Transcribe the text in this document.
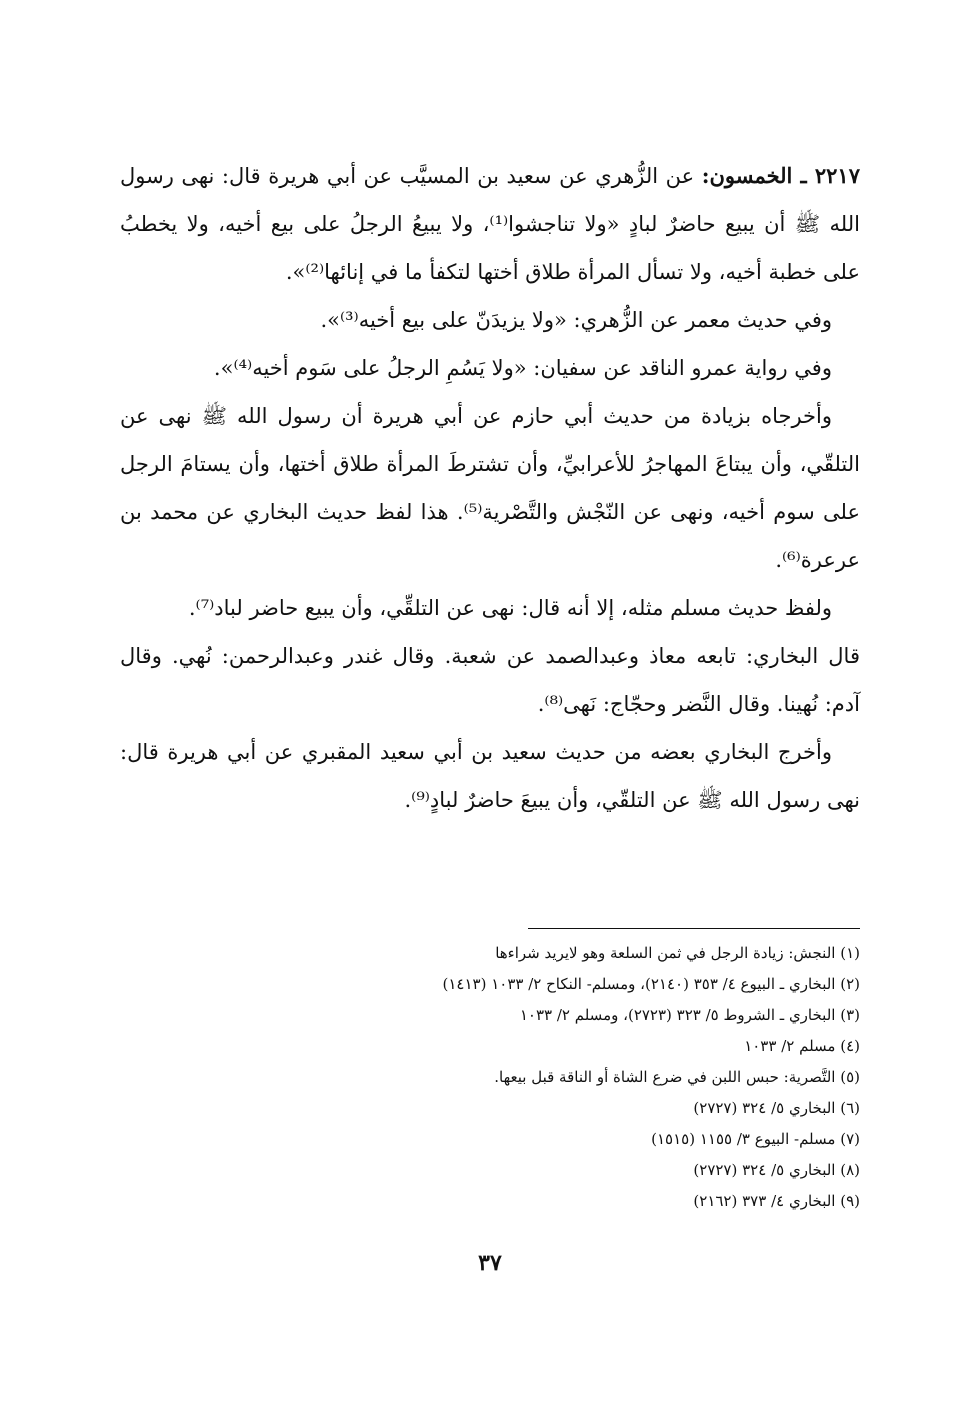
٢٢١٧ ـ الخمسون: عن الزُّهري عن سعيد بن المسيَّب عن أبي هريرة قال: نهى رسول الله ﷺ أن يبيع حاضرٌ لبادٍ «ولا تناجشوا⁽¹⁾، ولا يبيعُ الرجلُ على بيع أخيه، ولا يخطبُ على خطبة أخيه، ولا تسأل المرأة طلاق أختها لتكفأ ما في إنائها⁽²⁾».

وفي حديث معمر عن الزُّهري: «ولا يزيدَنّ على بيع أخيه⁽³⁾».

وفي رواية عمرو الناقد عن سفيان: «ولا يَسُمِ الرجلُ على سَوم أخيه⁽⁴⁾».

وأخرجاه بزيادة من حديث أبي حازم عن أبي هريرة أن رسول الله ﷺ نهى عن التلقّي، وأن يبتاعَ المهاجرُ للأعرابيِّ، وأن تشترطَ المرأة طلاق أختها، وأن يستامَ الرجل على سوم أخيه، ونهى عن النّجْش والتَّصْرية⁽⁵⁾. هذا لفظ حديث البخاري عن محمد بن عرعرة⁽⁶⁾.

ولفظ حديث مسلم مثله، إلا أنه قال: نهى عن التلقِّي، وأن يبيع حاضر لباد⁽⁷⁾.

قال البخاري: تابعه معاذ وعبدالصمد عن شعبة. وقال غندر وعبدالرحمن: نُهي. وقال آدم: نُهينا. وقال النَّضر وحجّاج: نَهى⁽⁸⁾.

وأخرج البخاري بعضه من حديث سعيد بن أبي سعيد المقبري عن أبي هريرة قال: نهى رسول الله ﷺ عن التلقّي، وأن يبيعَ حاضرٌ لبادٍ⁽⁹⁾.

(١) النجش: زيادة الرجل في ثمن السلعة وهو لايريد شراءها
(٢) البخاري ـ البيوع ٤/ ٣٥٣ (٢١٤٠)، ومسلم- النكاح ٢/ ١٠٣٣ (١٤١٣)
(٣) البخاري ـ الشروط ٥/ ٣٢٣ (٢٧٢٣)، ومسلم ٢/ ١٠٣٣
(٤) مسلم ٢/ ١٠٣٣
(٥) التَّصرية: حبس اللبن في ضرع الشاة أو الناقة قبل بيعها.
(٦) البخاري ٥/ ٣٢٤ (٢٧٢٧)
(٧) مسلم- البيوع ٣/ ١١٥٥ (١٥١٥)
(٨) البخاري ٥/ ٣٢٤ (٢٧٢٧)
(٩) البخاري ٤/ ٣٧٣ (٢١٦٢)
٣٧
